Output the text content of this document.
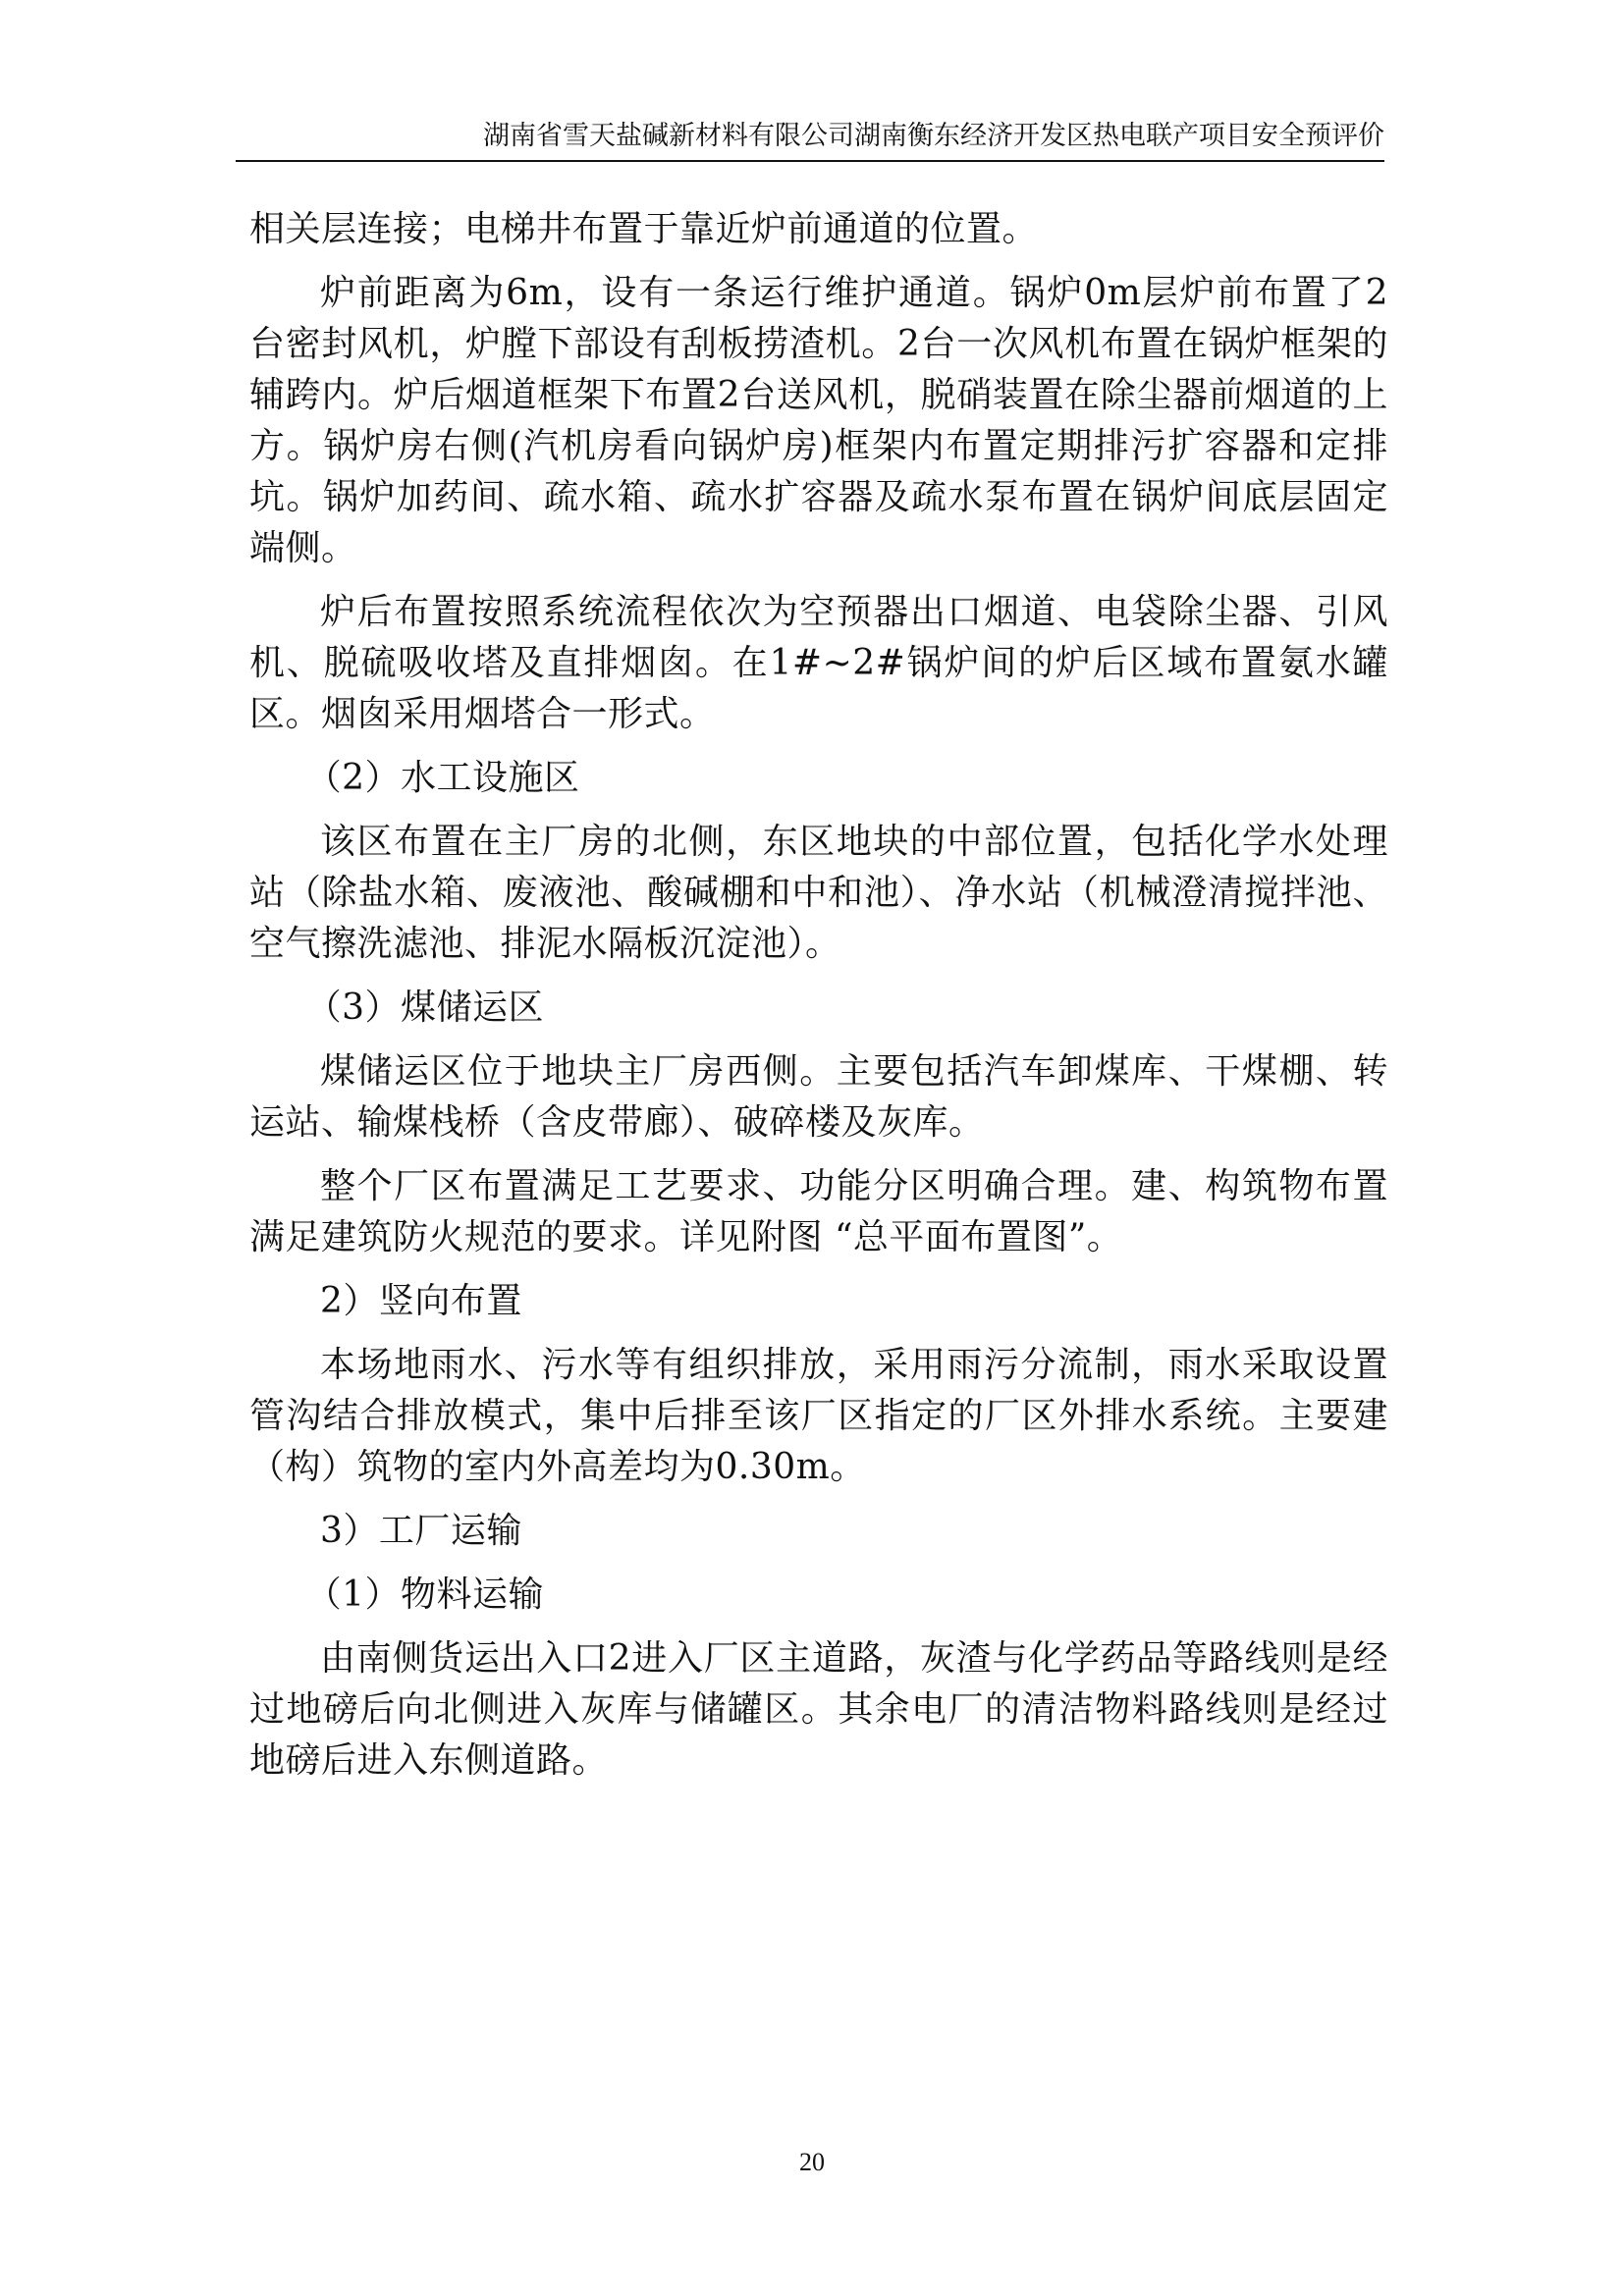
湖南省雪天盐碱新材料有限公司湖南衡东经济开发区热电联产项目安全预评价

相关层连接；电梯井布置于靠近炉前通道的位置。

炉前距离为6m，设有一条运行维护通道。锅炉0m层炉前布置了2台密封风机，炉膛下部设有刮板捞渣机。2台一次风机布置在锅炉框架的辅跨内。炉后烟道框架下布置2台送风机，脱硝装置在除尘器前烟道的上方。锅炉房右侧(汽机房看向锅炉房)框架内布置定期排污扩容器和定排坑。锅炉加药间、疏水箱、疏水扩容器及疏水泵布置在锅炉间底层固定端侧。

炉后布置按照系统流程依次为空预器出口烟道、电袋除尘器、引风机、脱硫吸收塔及直排烟囱。在1#~2#锅炉间的炉后区域布置氨水罐区。烟囱采用烟塔合一形式。

（2）水工设施区

该区布置在主厂房的北侧，东区地块的中部位置，包括化学水处理站（除盐水箱、废液池、酸碱棚和中和池）、净水站（机械澄清搅拌池、空气擦洗滤池、排泥水隔板沉淀池）。

（3）煤储运区

煤储运区位于地块主厂房西侧。主要包括汽车卸煤库、干煤棚、转运站、输煤栈桥（含皮带廊）、破碎楼及灰库。

整个厂区布置满足工艺要求、功能分区明确合理。建、构筑物布置满足建筑防火规范的要求。详见附图 “总平面布置图”。

2）竖向布置

本场地雨水、污水等有组织排放，采用雨污分流制，雨水采取设置管沟结合排放模式，集中后排至该厂区指定的厂区外排水系统。主要建（构）筑物的室内外高差均为0.30m。

3）工厂运输

（1）物料运输

由南侧货运出入口2进入厂区主道路，灰渣与化学药品等路线则是经过地磅后向北侧进入灰库与储罐区。其余电厂的清洁物料路线则是经过地磅后进入东侧道路。

20
